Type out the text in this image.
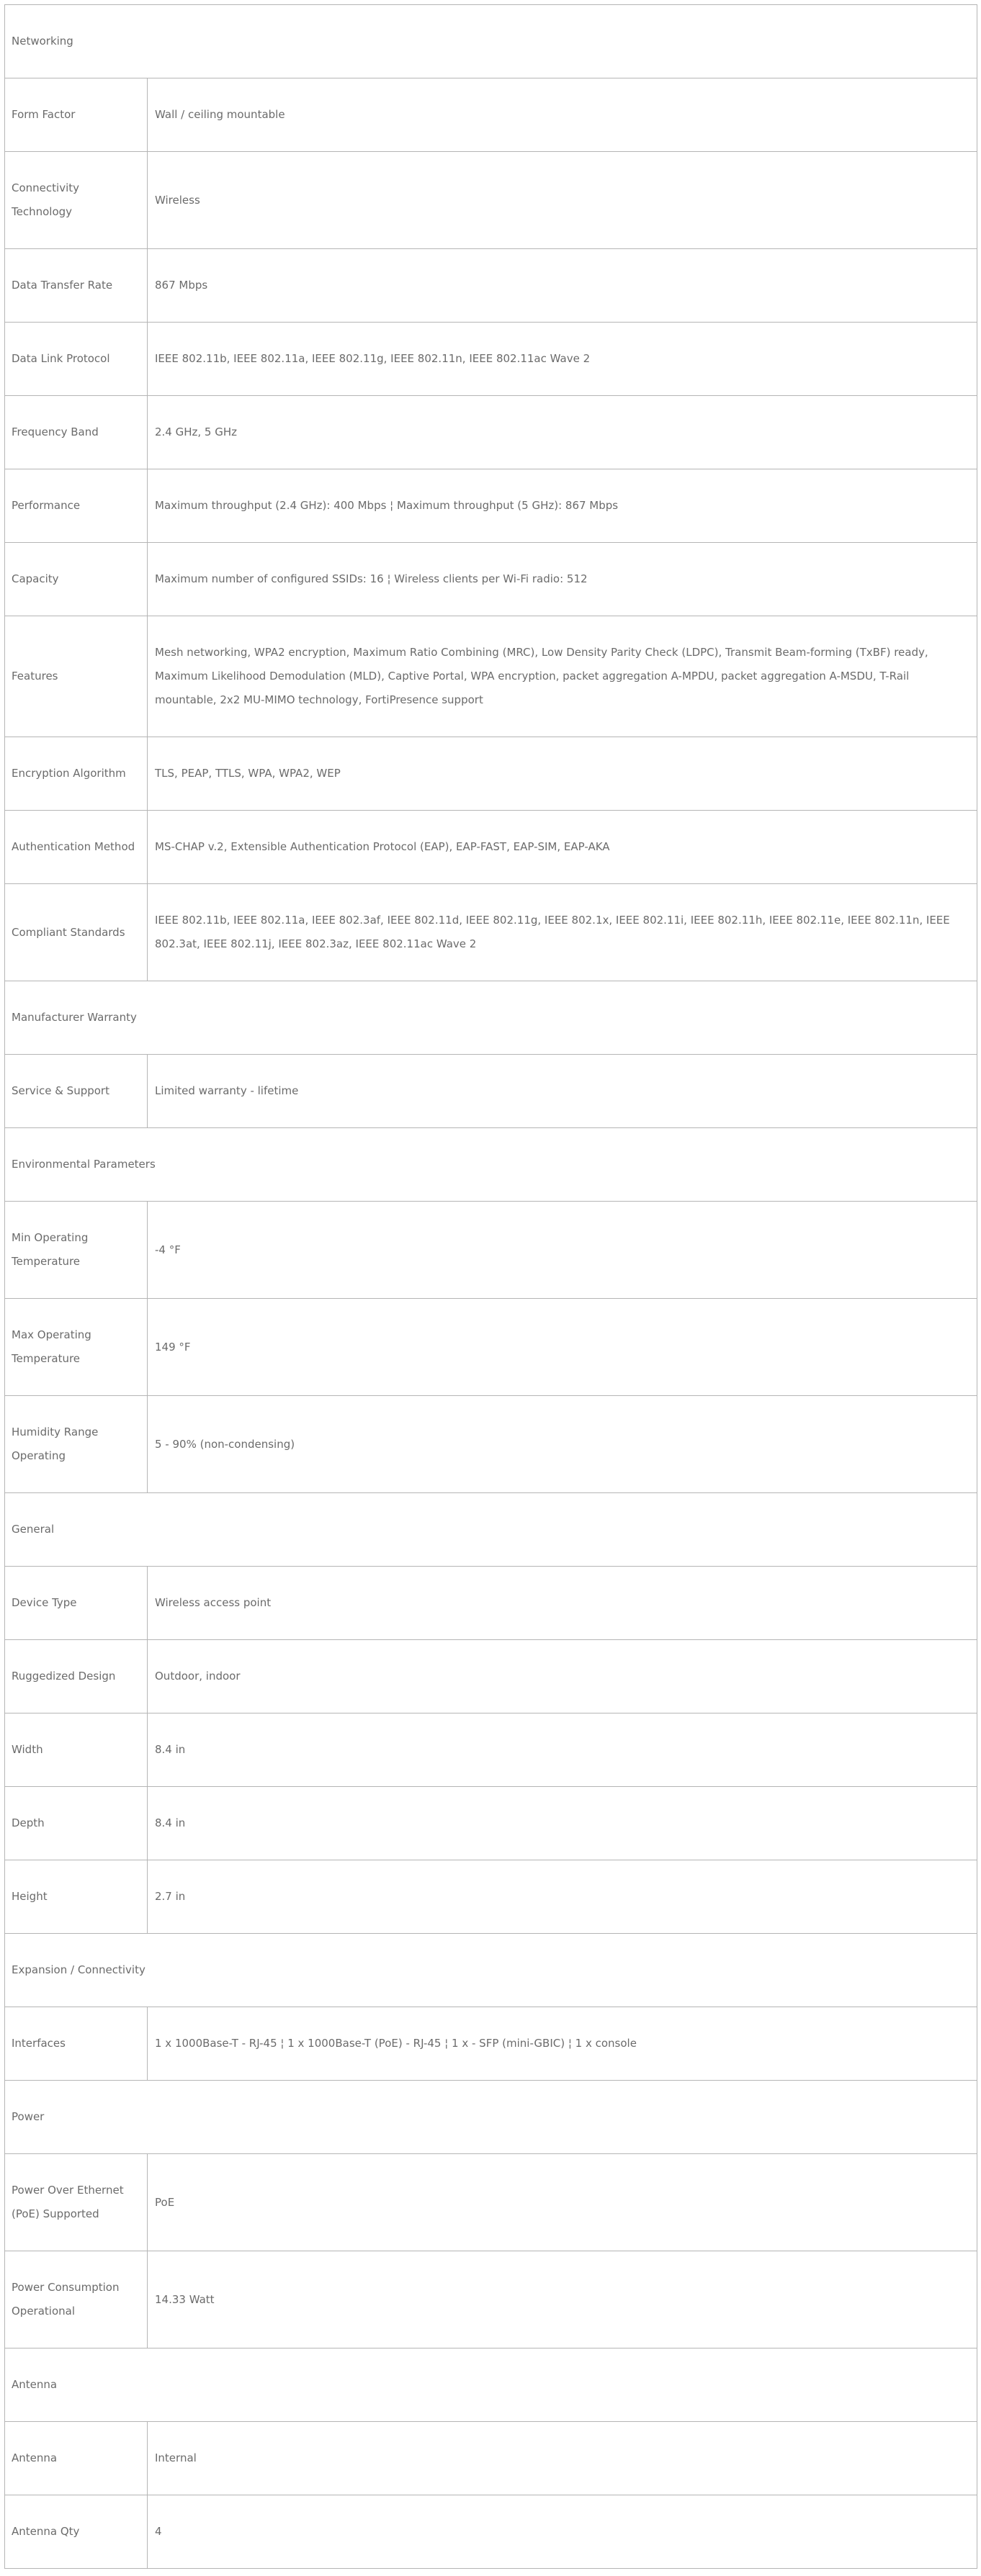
Networking	
Form Factor	Wall / ceiling mountable
Connectivity Technology	Wireless
Data Transfer Rate	867 Mbps
Data Link Protocol	IEEE 802.11b, IEEE 802.11a, IEEE 802.11g, IEEE 802.11n, IEEE 802.11ac Wave 2
Frequency Band	2.4 GHz, 5 GHz
Performance	Maximum throughput (2.4 GHz): 400 Mbps ¦ Maximum throughput (5 GHz): 867 Mbps
Capacity	Maximum number of configured SSIDs: 16 ¦ Wireless clients per Wi-Fi radio: 512
Features	Mesh networking, WPA2 encryption, Maximum Ratio Combining (MRC), Low Density Parity Check (LDPC), Transmit Beam-forming (TxBF) ready, Maximum Likelihood Demodulation (MLD), Captive Portal, WPA encryption, packet aggregation A-MPDU, packet aggregation A-MSDU, T-Rail mountable, 2x2 MU-MIMO technology, FortiPresence support
Encryption Algorithm	TLS, PEAP, TTLS, WPA, WPA2, WEP
Authentication Method	MS-CHAP v.2, Extensible Authentication Protocol (EAP), EAP-FAST, EAP-SIM, EAP-AKA
Compliant Standards	IEEE 802.11b, IEEE 802.11a, IEEE 802.3af, IEEE 802.11d, IEEE 802.11g, IEEE 802.1x, IEEE 802.11i, IEEE 802.11h, IEEE 802.11e, IEEE 802.11n, IEEE 802.3at, IEEE 802.11j, IEEE 802.3az, IEEE 802.11ac Wave 2
Manufacturer Warranty	
Service & Support	Limited warranty - lifetime
Environmental Parameters	
Min Operating Temperature	-4 °F
Max Operating Temperature	149 °F
Humidity Range Operating	5 - 90% (non-condensing)
General	
Device Type	Wireless access point
Ruggedized Design	Outdoor, indoor
Width	8.4 in
Depth	8.4 in
Height	2.7 in
Expansion / Connectivity	
Interfaces	1 x 1000Base-T - RJ-45 ¦ 1 x 1000Base-T (PoE) - RJ-45 ¦ 1 x - SFP (mini-GBIC) ¦ 1 x console
Power	
Power Over Ethernet (PoE) Supported	PoE
Power Consumption Operational	14.33 Watt
Antenna	
Antenna	Internal
Antenna Qty	4
